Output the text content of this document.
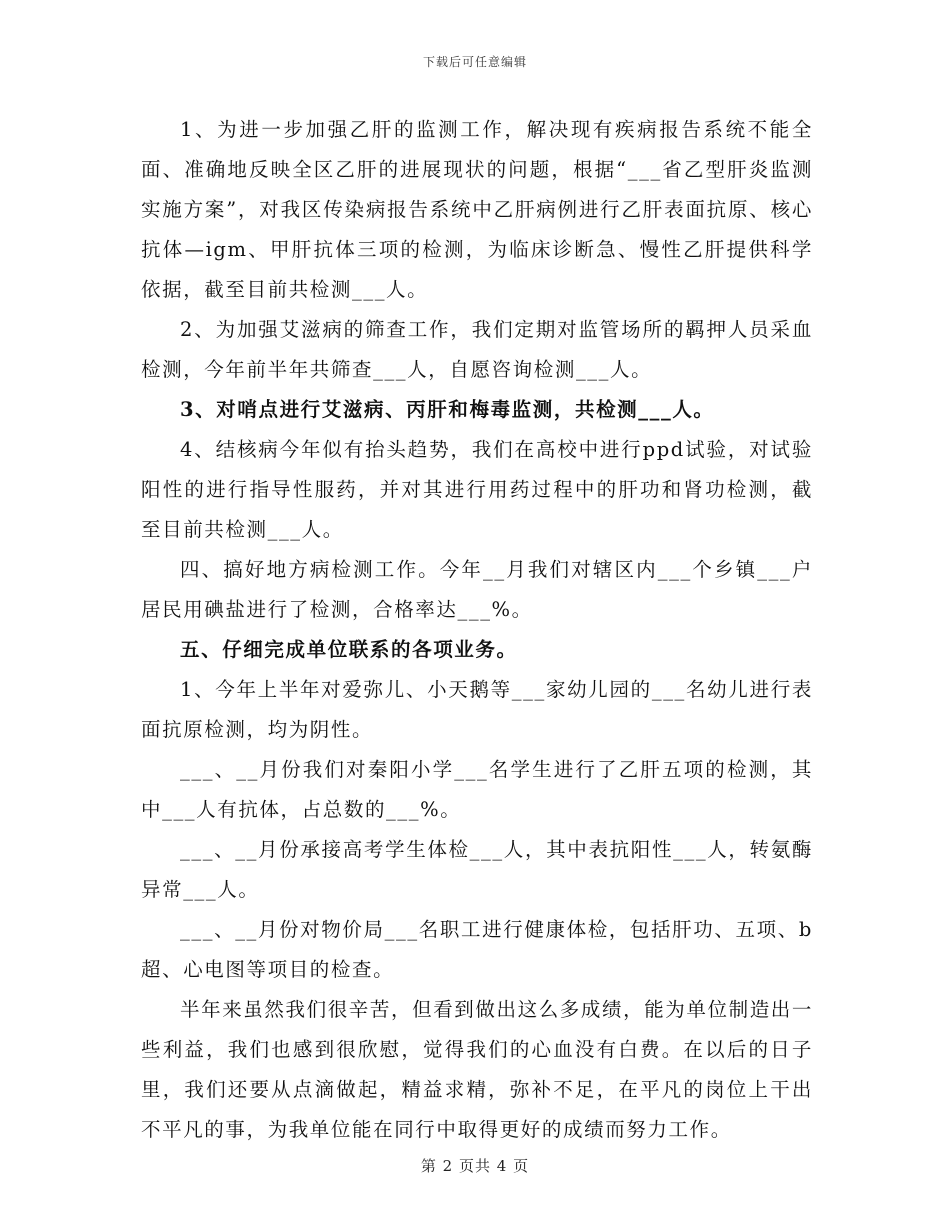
下载后可任意编辑

1、为进一步加强乙肝的监测工作，解决现有疾病报告系统不能全面、准确地反映全区乙肝的进展现状的问题，根据“___省乙型肝炎监测实施方案”，对我区传染病报告系统中乙肝病例进行乙肝表面抗原、核心抗体—igm、甲肝抗体三项的检测，为临床诊断急、慢性乙肝提供科学依据，截至目前共检测___人。

2、为加强艾滋病的筛查工作，我们定期对监管场所的羁押人员采血检测，今年前半年共筛查___人，自愿咨询检测___人。

3、对哨点进行艾滋病、丙肝和梅毒监测，共检测___人。

4、结核病今年似有抬头趋势，我们在高校中进行ppd试验，对试验阳性的进行指导性服药，并对其进行用药过程中的肝功和肾功检测，截至目前共检测___人。

四、搞好地方病检测工作。今年__月我们对辖区内___个乡镇___户居民用碘盐进行了检测，合格率达___%。

五、仔细完成单位联系的各项业务。

1、今年上半年对爱弥儿、小天鹅等___家幼儿园的___名幼儿进行表面抗原检测，均为阴性。

___、__月份我们对秦阳小学___名学生进行了乙肝五项的检测，其中___人有抗体，占总数的___%。

___、__月份承接高考学生体检___人，其中表抗阳性___人，转氨酶异常___人。

___、__月份对物价局___名职工进行健康体检，包括肝功、五项、b超、心电图等项目的检查。

半年来虽然我们很辛苦，但看到做出这么多成绩，能为单位制造出一些利益，我们也感到很欣慰，觉得我们的心血没有白费。在以后的日子里，我们还要从点滴做起，精益求精，弥补不足，在平凡的岗位上干出不平凡的事，为我单位能在同行中取得更好的成绩而努力工作。

第 2 页共 4 页
